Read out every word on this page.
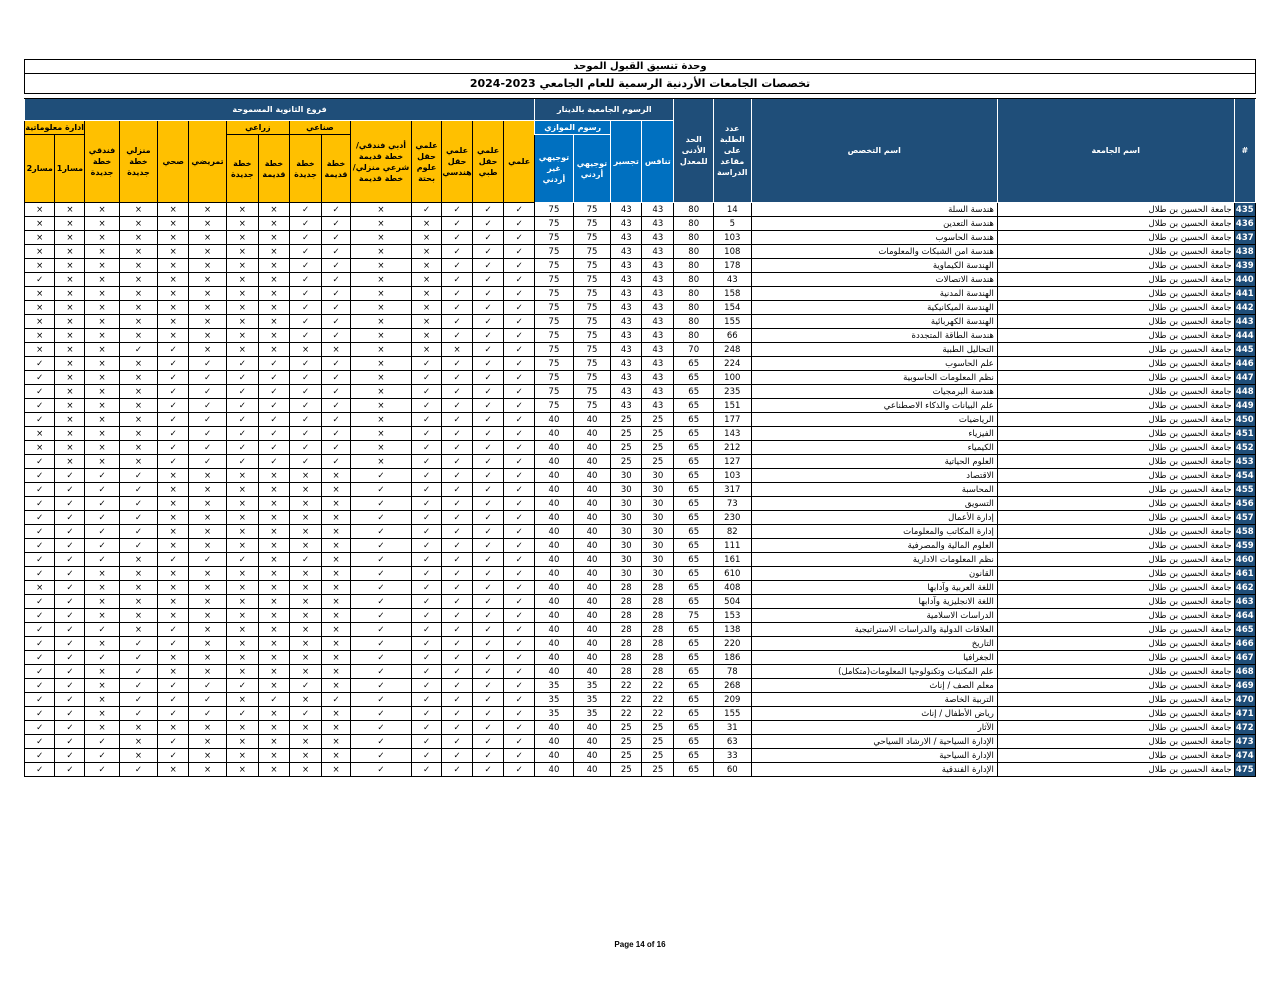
وحدة تنسيق القبول الموحد																							
تخصصات الجامعات الأردنية الرسمية للعام الجامعي 2023-2024																							

#	اسم الجامعة	اسم التخصص	عدد الطلبة على مقاعد الدراسة	الحد الأدنى للمعدل	الرسوم الجامعية بالدينار				فروع الثانوية المسموحة														
					تنافس	تجسير	رسوم الموازي		علمي	علمي حقل طبي	علمي حقل هندسي	علمي حقل علوم بحتة	أدبي فندقي/خطة قديمة شرعي منزلي/خطة قديمة	صناعي		زراعي		تمريضي	صحي	منزلي خطة جديدة	فندقي خطة جديدة	ادارة معلوماتية	
							توجيهي أردني	توجيهي غير أردني						خطة قديمة	خطة جديدة	خطة قديمة	خطة جديدة					مسار1	مسار2
435	جامعة الحسين بن طلال	هندسة السلة	14	80	43	43	75	75	✓	✓	✓	✓	×	✓	✓	×	×	×	×	×	×	×	×
436	جامعة الحسين بن طلال	هندسة التعدين	5	80	43	43	75	75	✓	✓	✓	×	×	✓	✓	×	×	×	×	×	×	×	×
437	جامعة الحسين بن طلال	هندسة الحاسوب	103	80	43	43	75	75	✓	✓	✓	×	×	✓	✓	×	×	×	×	×	×	×	×
438	جامعة الحسين بن طلال	هندسة امن الشبكات والمعلومات	108	80	43	43	75	75	✓	✓	✓	×	×	✓	✓	×	×	×	×	×	×	×	×
439	جامعة الحسين بن طلال	الهندسة الكيماوية	178	80	43	43	75	75	✓	✓	✓	×	×	✓	✓	×	×	×	×	×	×	×	×
440	جامعة الحسين بن طلال	هندسة الاتصالات	43	80	43	43	75	75	✓	✓	✓	×	×	✓	✓	×	×	×	×	×	×	×	✓
441	جامعة الحسين بن طلال	الهندسة المدنية	158	80	43	43	75	75	✓	✓	✓	×	×	✓	✓	×	×	×	×	×	×	×	×
442	جامعة الحسين بن طلال	الهندسة الميكانيكية	154	80	43	43	75	75	✓	✓	✓	×	×	✓	✓	×	×	×	×	×	×	×	×
443	جامعة الحسين بن طلال	الهندسة الكهربائية	155	80	43	43	75	75	✓	✓	✓	×	×	✓	✓	×	×	×	×	×	×	×	×
444	جامعة الحسين بن طلال	هندسة الطاقة المتجددة	66	80	43	43	75	75	✓	✓	✓	×	×	✓	✓	×	×	×	×	×	×	×	×
445	جامعة الحسين بن طلال	التحاليل الطبية	248	70	43	43	75	75	✓	✓	×	×	×	×	×	×	×	×	✓	✓	×	×	×
446	جامعة الحسين بن طلال	علم الحاسوب	224	65	43	43	75	75	✓	✓	✓	✓	×	✓	✓	✓	✓	✓	✓	×	×	×	✓
447	جامعة الحسين بن طلال	نظم المعلومات الحاسوبية	100	65	43	43	75	75	✓	✓	✓	✓	×	✓	✓	✓	✓	✓	✓	×	×	×	✓
448	جامعة الحسين بن طلال	هندسة البرمجيات	235	65	43	43	75	75	✓	✓	✓	✓	×	✓	✓	✓	✓	✓	✓	×	×	×	✓
449	جامعة الحسين بن طلال	علم البيانات والذكاء الاصطناعي	151	65	43	43	75	75	✓	✓	✓	✓	×	✓	✓	✓	✓	✓	✓	×	×	×	✓
450	جامعة الحسين بن طلال	الرياضيات	177	65	25	25	40	40	✓	✓	✓	✓	×	✓	✓	✓	✓	✓	✓	×	×	×	✓
451	جامعة الحسين بن طلال	الفيزياء	143	65	25	25	40	40	✓	✓	✓	✓	×	✓	✓	✓	✓	✓	✓	×	×	×	×
452	جامعة الحسين بن طلال	الكيمياء	212	65	25	25	40	40	✓	✓	✓	✓	×	✓	✓	✓	✓	✓	✓	×	×	×	×
453	جامعة الحسين بن طلال	العلوم الحياتية	127	65	25	25	40	40	✓	✓	✓	✓	×	✓	✓	✓	✓	✓	✓	×	×	×	✓
454	جامعة الحسين بن طلال	الاقتصاد	103	65	30	30	40	40	✓	✓	✓	✓	✓	×	×	×	×	×	×	✓	✓	✓	✓
455	جامعة الحسين بن طلال	المحاسبة	317	65	30	30	40	40	✓	✓	✓	✓	✓	×	×	×	×	×	×	✓	✓	✓	✓
456	جامعة الحسين بن طلال	التسويق	73	65	30	30	40	40	✓	✓	✓	✓	✓	×	×	×	×	×	×	✓	✓	✓	✓
457	جامعة الحسين بن طلال	إدارة الأعمال	230	65	30	30	40	40	✓	✓	✓	✓	✓	×	×	×	×	×	×	✓	✓	✓	✓
458	جامعة الحسين بن طلال	إدارة المكاتب والمعلومات	82	65	30	30	40	40	✓	✓	✓	✓	✓	×	×	×	×	×	×	✓	✓	✓	✓
459	جامعة الحسين بن طلال	العلوم المالية والمصرفية	111	65	30	30	40	40	✓	✓	✓	✓	✓	×	×	×	×	×	×	✓	✓	✓	✓
460	جامعة الحسين بن طلال	نظم المعلومات الادارية	161	65	30	30	40	40	✓	✓	✓	✓	✓	×	✓	×	✓	✓	✓	×	✓	✓	✓
461	جامعة الحسين بن طلال	القانون	610	65	30	30	40	40	✓	✓	✓	✓	✓	×	×	×	×	×	×	×	×	✓	✓
462	جامعة الحسين بن طلال	اللغة العربية وآدابها	408	65	28	28	40	40	✓	✓	✓	✓	✓	×	×	×	×	×	×	×	×	✓	×
463	جامعة الحسين بن طلال	اللغة الانجليزية وآدابها	504	65	28	28	40	40	✓	✓	✓	✓	✓	×	×	×	×	×	×	×	×	✓	✓
464	جامعة الحسين بن طلال	الدراسات الاسلامية	153	75	28	28	40	40	✓	✓	✓	✓	✓	×	×	×	×	×	×	×	×	✓	✓
465	جامعة الحسين بن طلال	العلاقات الدولية والدراسات الاستراتيجية	138	65	28	28	40	40	✓	✓	✓	✓	✓	×	×	×	×	×	✓	×	✓	✓	✓
466	جامعة الحسين بن طلال	التاريخ	220	65	28	28	40	40	✓	✓	✓	✓	✓	×	×	×	×	×	✓	✓	×	✓	✓
467	جامعة الحسين بن طلال	الجغرافيا	186	65	28	28	40	40	✓	✓	✓	✓	✓	×	×	×	×	×	×	✓	✓	✓	✓
468	جامعة الحسين بن طلال	علم المكتبات وتكنولوجيا المعلومات(متكامل)	78	65	28	28	40	40	✓	✓	✓	✓	✓	×	×	×	×	×	×	✓	×	✓	✓
469	جامعة الحسين بن طلال	معلم الصف / إناث	268	65	22	22	35	35	✓	✓	✓	✓	✓	×	✓	×	✓	✓	✓	✓	×	✓	✓
470	جامعة الحسين بن طلال	التربية الخاصة	209	65	22	22	35	35	✓	✓	✓	✓	✓	✓	×	✓	×	✓	✓	✓	×	✓	✓
471	جامعة الحسين بن طلال	رياض الأطفال / إناث	155	65	22	22	35	35	✓	✓	✓	✓	✓	×	✓	×	✓	✓	✓	✓	×	✓	✓
472	جامعة الحسين بن طلال	الآثار	31	65	25	25	40	40	✓	✓	✓	✓	✓	×	×	×	×	×	×	×	×	✓	✓
473	جامعة الحسين بن طلال	الإدارة السياحية / الارشاد السياحي	63	65	25	25	40	40	✓	✓	✓	✓	✓	×	×	×	×	×	✓	×	✓	✓	✓
474	جامعة الحسين بن طلال	الإدارة السياحية	33	65	25	25	40	40	✓	✓	✓	✓	✓	×	×	×	×	×	✓	×	✓	✓	✓
475	جامعة الحسين بن طلال	الإدارة الفندقية	60	65	25	25	40	40	✓	✓	✓	✓	✓	×	×	×	×	×	×	✓	✓	✓	✓
Page 14 of 16
